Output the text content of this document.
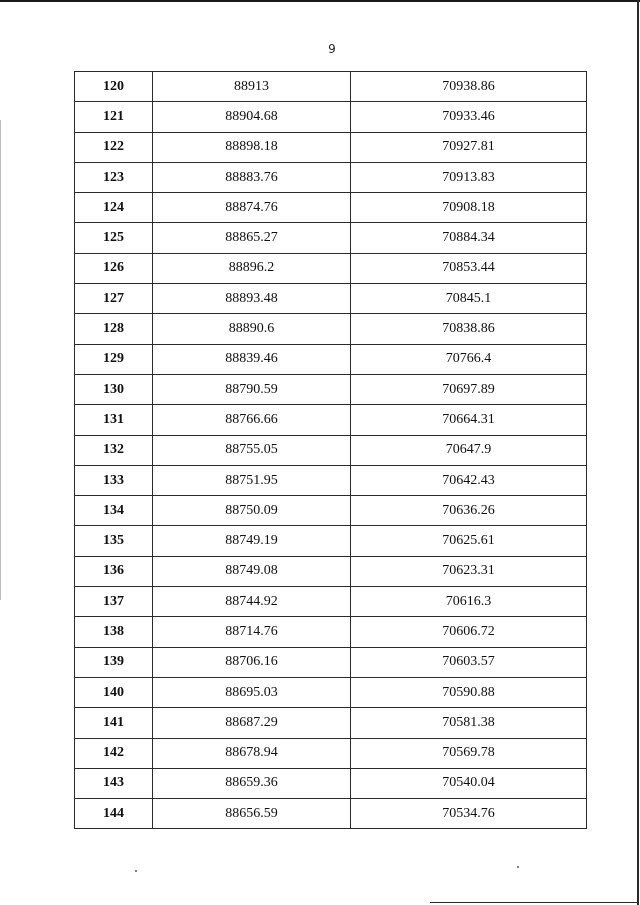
9
120	88913	70938.86
121	88904.68	70933.46
122	88898.18	70927.81
123	88883.76	70913.83
124	88874.76	70908.18
125	88865.27	70884.34
126	88896.2	70853.44
127	88893.48	70845.1
128	88890.6	70838.86
129	88839.46	70766.4
130	88790.59	70697.89
131	88766.66	70664.31
132	88755.05	70647.9
133	88751.95	70642.43
134	88750.09	70636.26
135	88749.19	70625.61
136	88749.08	70623.31
137	88744.92	70616.3
138	88714.76	70606.72
139	88706.16	70603.57
140	88695.03	70590.88
141	88687.29	70581.38
142	88678.94	70569.78
143	88659.36	70540.04
144	88656.59	70534.76
